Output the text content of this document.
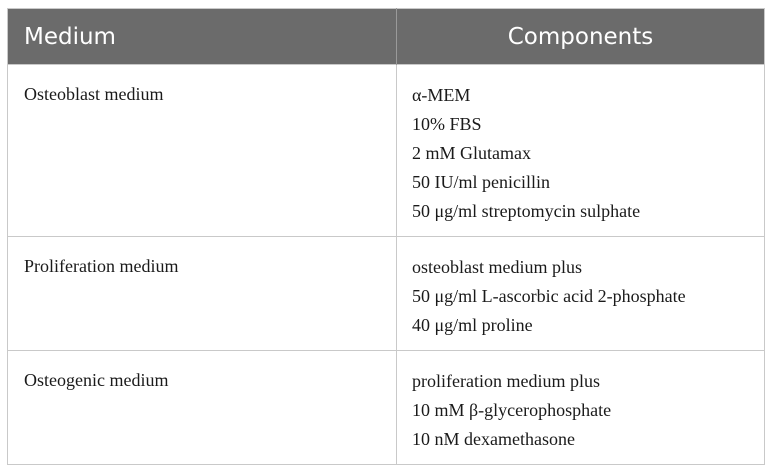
Medium	Components
Osteoblast medium	α-MEM
10% FBS
2 mM Glutamax
50 IU/ml penicillin
50 μg/ml streptomycin sulphate

Proliferation medium	osteoblast medium plus
50 μg/ml L-ascorbic acid 2-phosphate
40 μg/ml proline

Osteogenic medium	proliferation medium plus
10 mM β-glycerophosphate
10 nM dexamethasone
